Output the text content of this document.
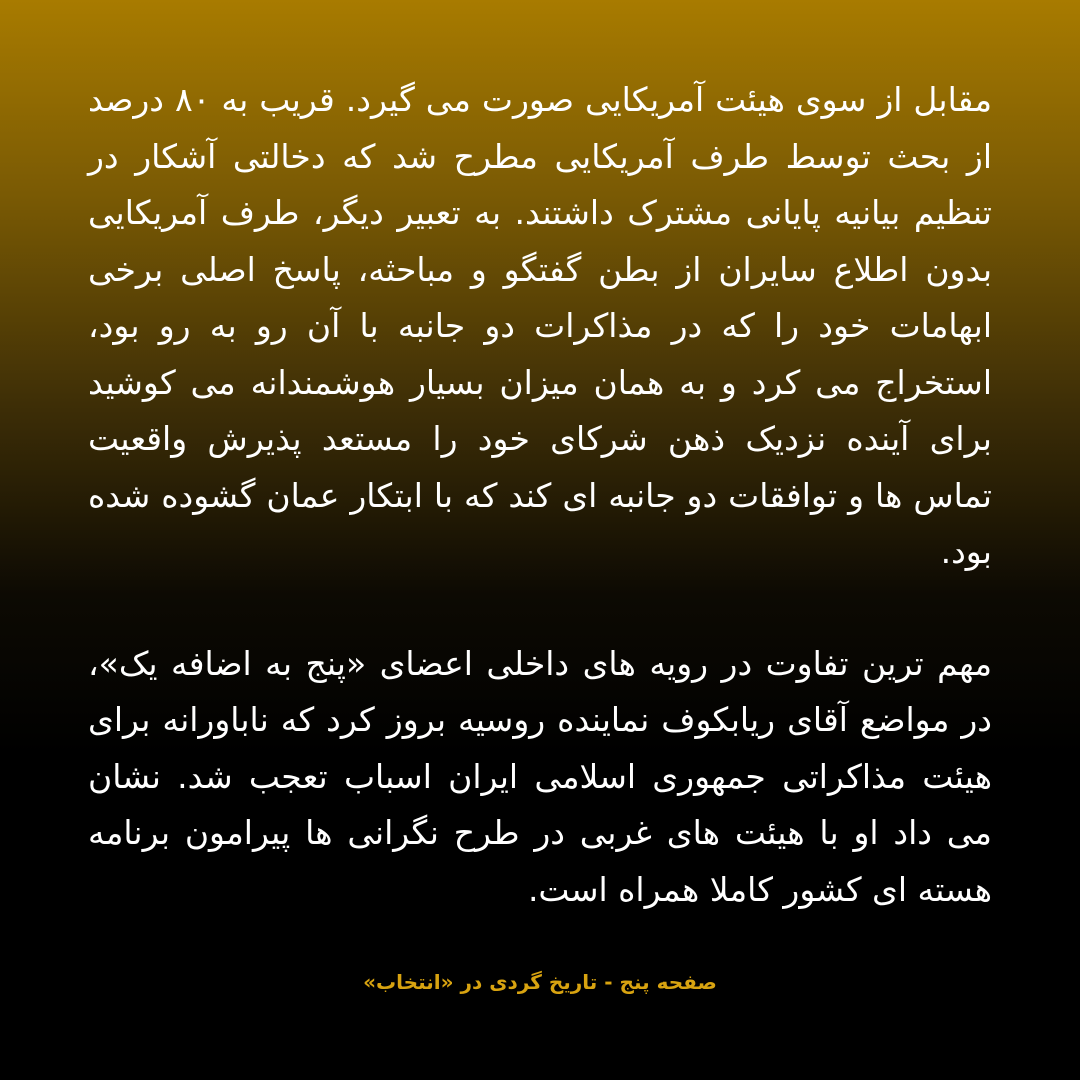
مقابل از سوی هیئت آمریکایی صورت می گیرد. قریب به ۸۰ درصد از بحث توسط طرف آمریکایی مطرح شد که دخالتی آشکار در تنظیم بیانیه پایانی مشترک داشتند. به تعبیر دیگر، طرف آمریکایی بدون اطلاع سایران از بطن گفتگو و مباحثه، پاسخ اصلی برخی ابهامات خود را که در مذاکرات دو جانبه با آن رو به رو بود، استخراج می کرد و به همان میزان بسیار هوشمندانه می کوشید برای آینده نزدیک ذهن شرکای خود را مستعد پذیرش واقعیت تماس ها و توافقات دو جانبه ای کند که با ابتکار عمان گشوده شده بود.

مهم ترین تفاوت در رویه های داخلی اعضای «پنج به اضافه یک»، در مواضع آقای ریابکوف نماینده روسیه بروز کرد که ناباورانه برای هیئت مذاکراتی جمهوری اسلامی ایران اسباب تعجب شد. نشان می داد او با هیئت های غربی در طرح نگرانی ها پیرامون برنامه هسته ای کشور کاملا همراه است.

صفحه پنج - تاریخ گردی در «انتخاب»
